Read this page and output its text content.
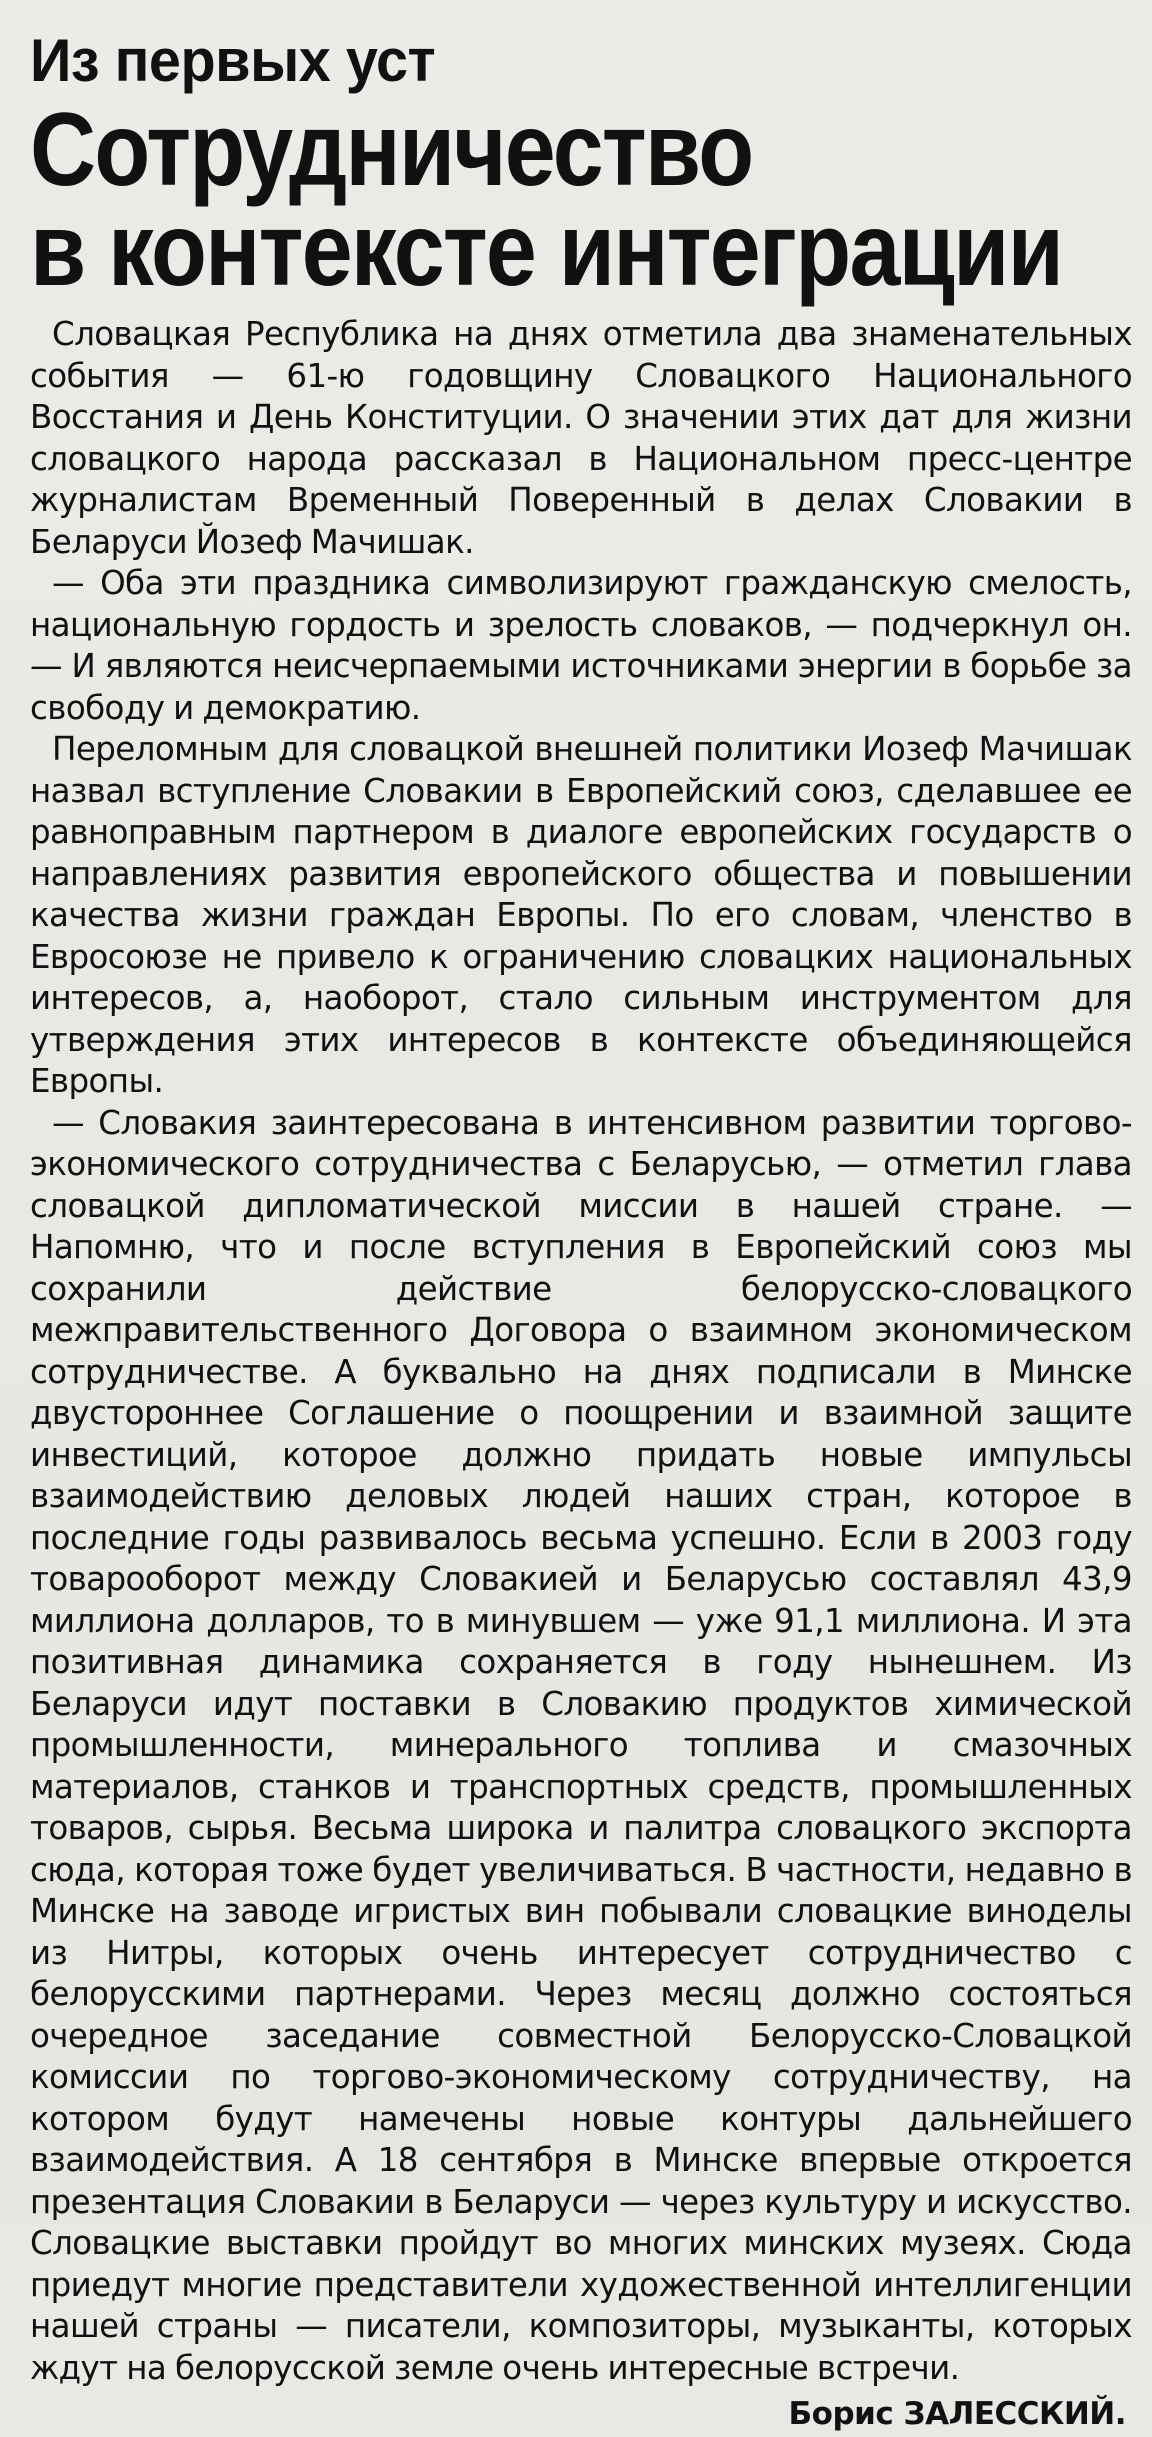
Из первых уст
Сотрудничество
в контексте интеграции

Словацкая Республика на днях отметила два знаменательных события — 61-ю годовщину Словацкого Национального Восстания и День Конституции. О значении этих дат для жизни словацкого народа рассказал в Национальном пресс-центре журналистам Временный Поверенный в делах Словакии в Беларуси Йозеф Мачишак.

— Оба эти праздника символизируют гражданскую смелость, национальную гордость и зрелость словаков, — подчеркнул он. — И являются неисчерпаемыми источниками энергии в борьбе за свободу и демократию.

Переломным для словацкой внешней политики Иозеф Мачишак назвал вступление Словакии в Европейский союз, сделавшее ее равноправным партнером в диалоге европейских государств о направлениях развития европейского общества и повышении качества жизни граждан Европы. По его словам, членство в Евросоюзе не привело к ограничению словацких национальных интересов, а, наоборот, стало сильным инструментом для утверждения этих интересов в контексте объединяющейся Европы.

— Словакия заинтересована в интенсивном развитии торгово-экономического сотрудничества с Беларусью, — отметил глава словацкой дипломатической миссии в нашей стране. — Напомню, что и после вступления в Европейский союз мы сохранили действие белорусско-словацкого межправительственного Договора о взаимном экономическом сотрудничестве. А буквально на днях подписали в Минске двустороннее Соглашение о поощрении и взаимной защите инвестиций, которое должно придать новые импульсы взаимодействию деловых людей наших стран, которое в последние годы развивалось весьма успешно. Если в 2003 году товарооборот между Словакией и Беларусью составлял 43,9 миллиона долларов, то в минувшем — уже 91,1 миллиона. И эта позитивная динамика сохраняется в году нынешнем. Из Беларуси идут поставки в Словакию продуктов химической промышленности, минерального топлива и смазочных материалов, станков и транспортных средств, промышленных товаров, сырья. Весьма широка и палитра словацкого экспорта сюда, которая тоже будет увеличиваться. В частности, недавно в Минске на заводе игристых вин побывали словацкие виноделы из Нитры, которых очень интересует сотрудничество с белорусскими партнерами. Через месяц должно состояться очередное заседание совместной Белорусско-Словацкой комиссии по торгово-экономическому сотрудничеству, на котором будут намечены новые контуры дальнейшего взаимодействия. А 18 сентября в Минске впервые откроется презентация Словакии в Беларуси — через культуру и искусство. Словацкие выставки пройдут во многих минских музеях. Сюда приедут многие представители художественной интеллигенции нашей страны — писатели, композиторы, музыканты, которых ждут на белорусской земле очень интересные встречи.

Борис ЗАЛЕССКИЙ.
